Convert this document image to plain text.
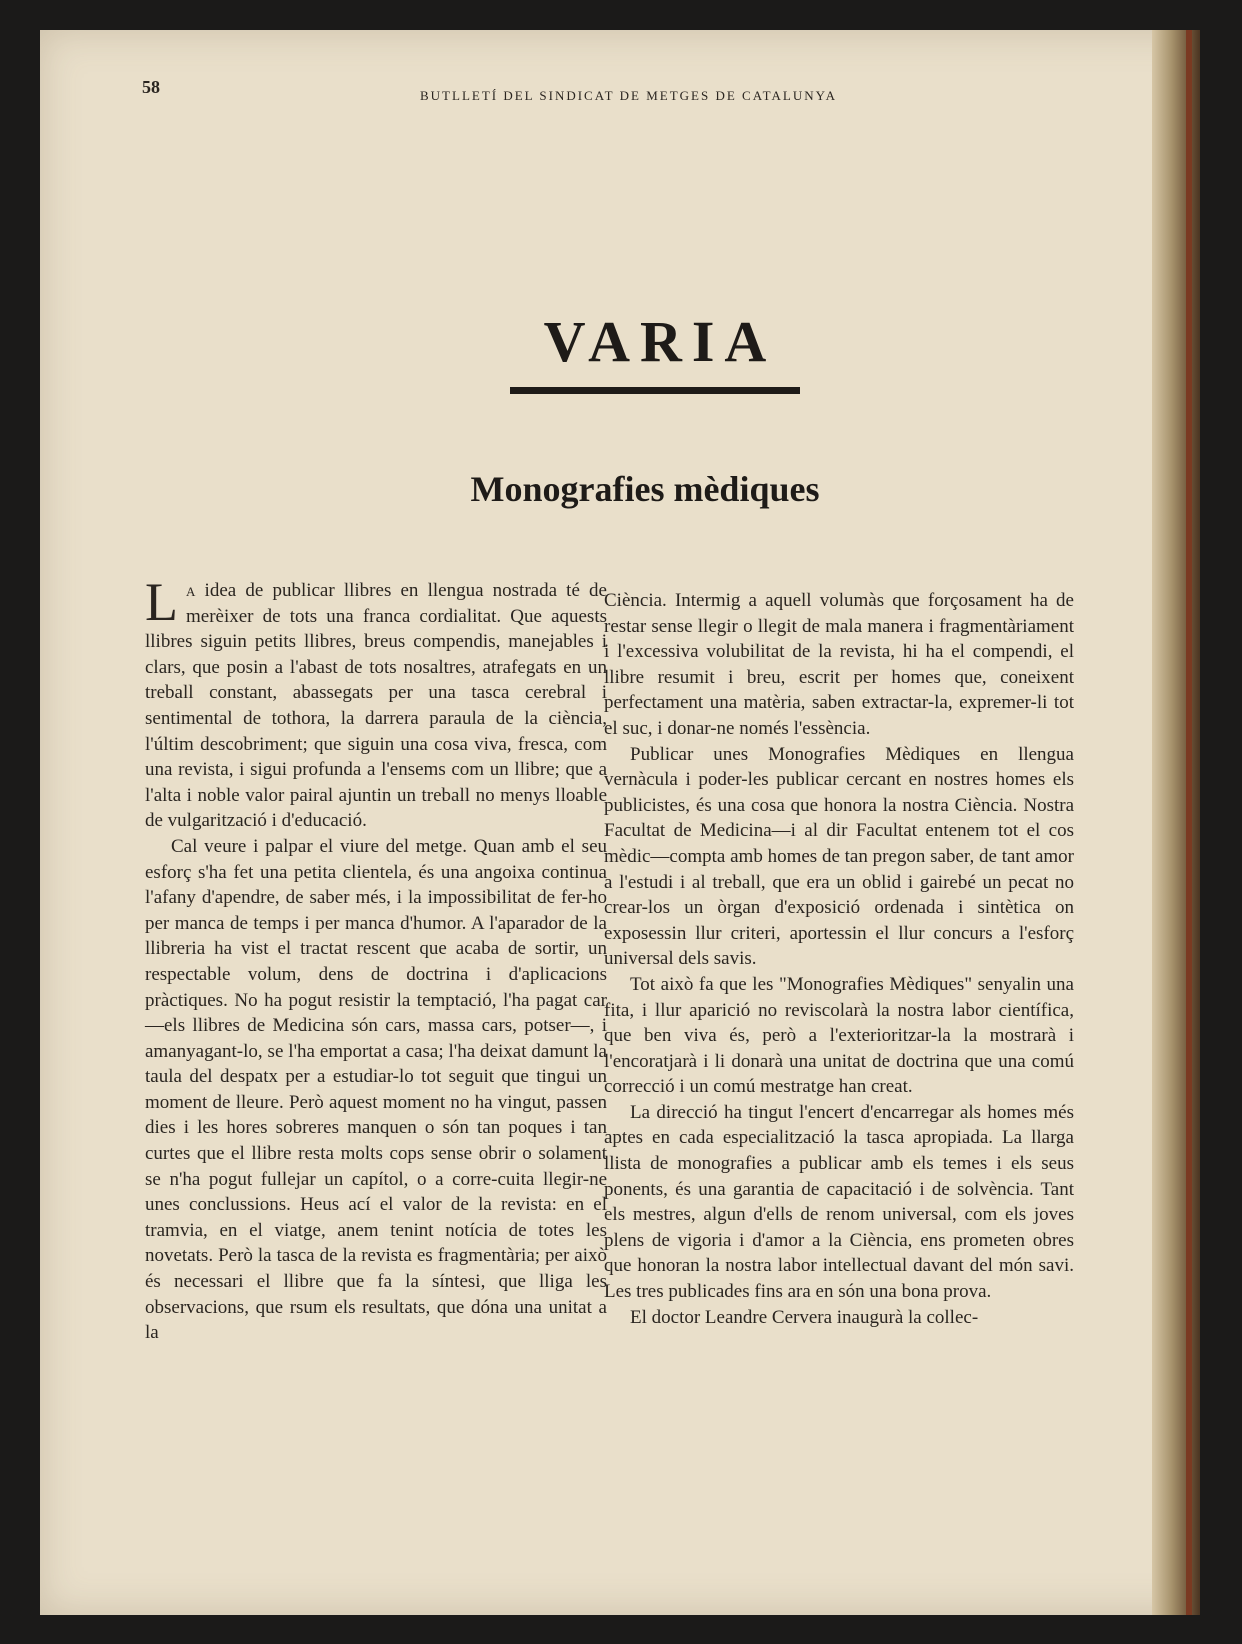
58	BUTLLETÍ DEL SINDICAT DE METGES DE CATALUNYA
VARIA
Monografies mèdiques

L a idea de publicar llibres en llengua nostrada té de merèixer de tots una franca cordialitat. Que aquests llibres siguin petits llibres, breus compendis, manejables i clars, que posin a l'abast de tots nosaltres, atrafegats en un treball constant, abassegats per una tasca cerebral i sentimental de tothora, la darrera paraula de la ciència, l'últim descobriment; que siguin una cosa viva, fresca, com una revista, i sigui profunda a l'ensems com un llibre; que a l'alta i noble valor pairal ajuntin un treball no menys lloable de vulgarització i d'educació.

Cal veure i palpar el viure del metge. Quan amb el seu esforç s'ha fet una petita clientela, és una angoixa continua l'afany d'apendre, de saber més, i la impossibilitat de fer-ho per manca de temps i per manca d'humor. A l'aparador de la llibreria ha vist el tractat rescent que acaba de sortir, un respectable volum, dens de doctrina i d'aplicacions pràctiques. No ha pogut resistir la temptació, l'ha pagat car—els llibres de Medicina són cars, massa cars, potser—, i amanyagant-lo, se l'ha emportat a casa; l'ha deixat damunt la taula del despatx per a estudiar-lo tot seguit que tingui un moment de lleure. Però aquest moment no ha vingut, passen dies i les hores sobreres manquen o són tan poques i tan curtes que el llibre resta molts cops sense obrir o solament se n'ha pogut fullejar un capítol, o a corre-cuita llegir-ne unes conclussions. Heus ací el valor de la revista: en el tramvia, en el viatge, anem tenint notícia de totes les novetats. Però la tasca de la revista es fragmentària; per això és necessari el llibre que fa la síntesi, que lliga les observacions, que rsum els resultats, que dóna una unitat a la

Ciència. Intermig a aquell volumàs que forçosament ha de restar sense llegir o llegit de mala manera i fragmentàriament i l'excessiva volubilitat de la revista, hi ha el compendi, el llibre resumit i breu, escrit per homes que, coneixent perfectament una matèria, saben extractar-la, expremer-li tot el suc, i donar-ne només l'essència.

Publicar unes Monografies Mèdiques en llengua vernàcula i poder-les publicar cercant en nostres homes els publicistes, és una cosa que honora la nostra Ciència. Nostra Facultat de Medicina—i al dir Facultat entenem tot el cos mèdic—compta amb homes de tan pregon saber, de tant amor a l'estudi i al treball, que era un oblid i gairebé un pecat no crear-los un òrgan d'exposició ordenada i sintètica on exposessin llur criteri, aportessin el llur concurs a l'esforç universal dels savis.

Tot això fa que les "Monografies Mèdiques" senyalin una fita, i llur aparició no reviscolarà la nostra labor científica, que ben viva és, però a l'exterioritzar-la la mostrarà i l'encoratjarà i li donarà una unitat de doctrina que una comú correcció i un comú mestratge han creat.

La direcció ha tingut l'encert d'encarregar als homes més aptes en cada especialització la tasca apropiada. La llarga llista de monografies a publicar amb els temes i els seus ponents, és una garantia de capacitació i de solvència. Tant els mestres, algun d'ells de renom universal, com els joves plens de vigoria i d'amor a la Ciència, ens prometen obres que honoran la nostra labor intellectual davant del món savi. Les tres publicades fins ara en són una bona prova.

El doctor Leandre Cervera inaugurà la collec-
